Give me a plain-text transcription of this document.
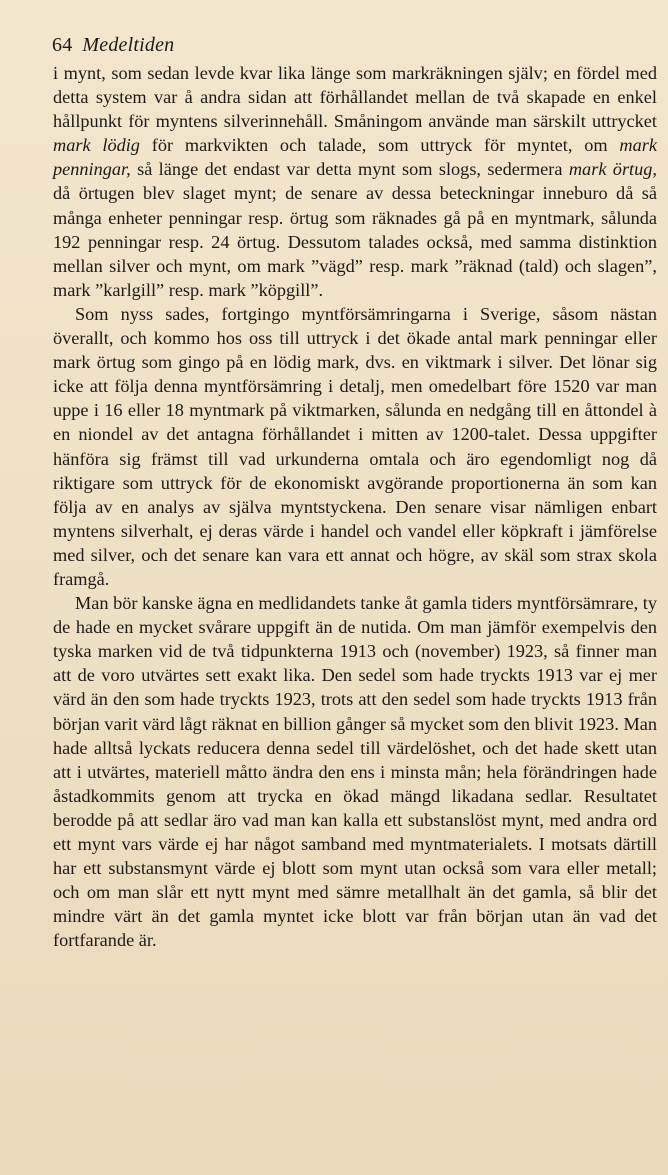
64 Medeltiden

i mynt, som sedan levde kvar lika länge som markräkningen själv; en fördel med detta system var å andra sidan att förhållandet mellan de två skapade en enkel hållpunkt för myntens silverinnehåll. Småningom använde man särskilt uttrycket mark lödig för markvikten och talade, som uttryck för myntet, om mark penningar, så länge det endast var detta mynt som slogs, sedermera mark örtug, då örtugen blev slaget mynt; de senare av dessa beteckningar inneburo då så många enheter penningar resp. örtug som räknades gå på en myntmark, sålunda 192 penningar resp. 24 örtug. Dessutom talades också, med samma distinktion mellan silver och mynt, om mark ”vägd” resp. mark ”räknad (tald) och slagen”, mark ”karlgill” resp. mark ”köpgill”.

Som nyss sades, fortgingo myntförsämringarna i Sverige, såsom nästan överallt, och kommo hos oss till uttryck i det ökade antal mark penningar eller mark örtug som gingo på en lödig mark, dvs. en viktmark i silver. Det lönar sig icke att följa denna myntförsämring i detalj, men omedelbart före 1520 var man uppe i 16 eller 18 myntmark på viktmarken, sålunda en nedgång till en åttondel à en niondel av det antagna förhållandet i mitten av 1200-talet. Dessa uppgifter hänföra sig främst till vad urkunderna omtala och äro egendomligt nog då riktigare som uttryck för de ekonomiskt avgörande proportionerna än som kan följa av en analys av själva myntstyckena. Den senare visar nämligen enbart myntens silverhalt, ej deras värde i handel och vandel eller köpkraft i jämförelse med silver, och det senare kan vara ett annat och högre, av skäl som strax skola framgå.

Man bör kanske ägna en medlidandets tanke åt gamla tiders myntförsämrare, ty de hade en mycket svårare uppgift än de nutida. Om man jämför exempelvis den tyska marken vid de två tidpunkterna 1913 och (november) 1923, så finner man att de voro utvärtes sett exakt lika. Den sedel som hade tryckts 1913 var ej mer värd än den som hade tryckts 1923, trots att den sedel som hade tryckts 1913 från början varit värd lågt räknat en billion gånger så mycket som den blivit 1923. Man hade alltså lyckats reducera denna sedel till värdelöshet, och det hade skett utan att i utvärtes, materiell måtto ändra den ens i minsta mån; hela förändringen hade åstadkommits genom att trycka en ökad mängd likadana sedlar. Resultatet berodde på att sedlar äro vad man kan kalla ett substanslöst mynt, med andra ord ett mynt vars värde ej har något samband med myntmaterialets. I motsats därtill har ett substansmynt värde ej blott som mynt utan också som vara eller metall; och om man slår ett nytt mynt med sämre metallhalt än det gamla, så blir det mindre värt än det gamla myntet icke blott var från början utan än vad det fortfarande är.
